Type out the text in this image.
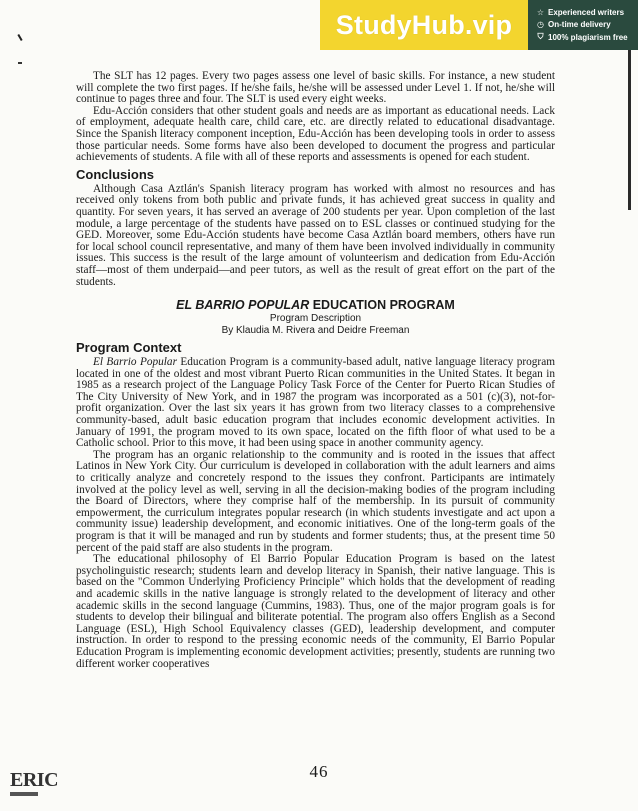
StudyHub.vip	☆ Experienced writers
◷ On-time delivery
⛉ 100% plagiarism free

The SLT has 12 pages. Every two pages assess one level of basic skills. For instance, a new student will complete the two first pages. If he/she fails, he/she will be assessed under Level 1. If not, he/she will continue to pages three and four. The SLT is used every eight weeks.

Edu-Acción considers that other student goals and needs are as important as educational needs. Lack of employment, adequate health care, child care, etc. are directly related to educational disadvantage. Since the Spanish literacy component inception, Edu-Acción has been developing tools in order to assess those particular needs. Some forms have also been developed to document the progress and particular achievements of students. A file with all of these reports and assessments is opened for each student.

Conclusions

Although Casa Aztlán's Spanish literacy program has worked with almost no resources and has received only tokens from both public and private funds, it has achieved great success in quality and quantity. For seven years, it has served an average of 200 students per year. Upon completion of the last module, a large percentage of the students have passed on to ESL classes or continued studying for the GED. Moreover, some Edu-Acción students have become Casa Aztlán board members, others have run for local school council representative, and many of them have been involved individually in community issues. This success is the result of the large amount of volunteerism and dedication from Edu-Acción staff—most of them underpaid—and peer tutors, as well as the result of great effort on the part of the students.

EL BARRIO POPULAR EDUCATION PROGRAM
Program Description
By Klaudia M. Rivera and Deidre Freeman
Program Context

El Barrio Popular Education Program is a community-based adult, native language literacy program located in one of the oldest and most vibrant Puerto Rican communities in the United States. It began in 1985 as a research project of the Language Policy Task Force of the Center for Puerto Rican Studies of The City University of New York, and in 1987 the program was incorporated as a 501 (c)(3), not-for-profit organization. Over the last six years it has grown from two literacy classes to a comprehensive community-based, adult basic education program that includes economic development activities. In January of 1991, the program moved to its own space, located on the fifth floor of what used to be a Catholic school. Prior to this move, it had been using space in another community agency.

The program has an organic relationship to the community and is rooted in the issues that affect Latinos in New York City. Our curriculum is developed in collaboration with the adult learners and aims to critically analyze and concretely respond to the issues they confront. Participants are intimately involved at the policy level as well, serving in all the decision-making bodies of the program including the Board of Directors, where they comprise half of the membership. In its pursuit of community empowerment, the curriculum integrates popular research (in which students investigate and act upon a community issue) leadership development, and economic initiatives. One of the long-term goals of the program is that it will be managed and run by students and former students; thus, at the present time 50 percent of the paid staff are also students in the program.

The educational philosophy of El Barrio Popular Education Program is based on the latest psycholinguistic research; students learn and develop literacy in Spanish, their native language. This is based on the "Common Underlying Proficiency Principle" which holds that the development of reading and academic skills in the native language is strongly related to the development of literacy and other academic skills in the second language (Cummins, 1983). Thus, one of the major program goals is for students to develop their bilingual and biliterate potential. The program also offers English as a Second Language (ESL), High School Equivalency classes (GED), leadership development, and computer instruction. In order to respond to the pressing economic needs of the community, El Barrio Popular Education Program is implementing economic development activities; presently, students are running two different worker cooperatives

46
ERIC
